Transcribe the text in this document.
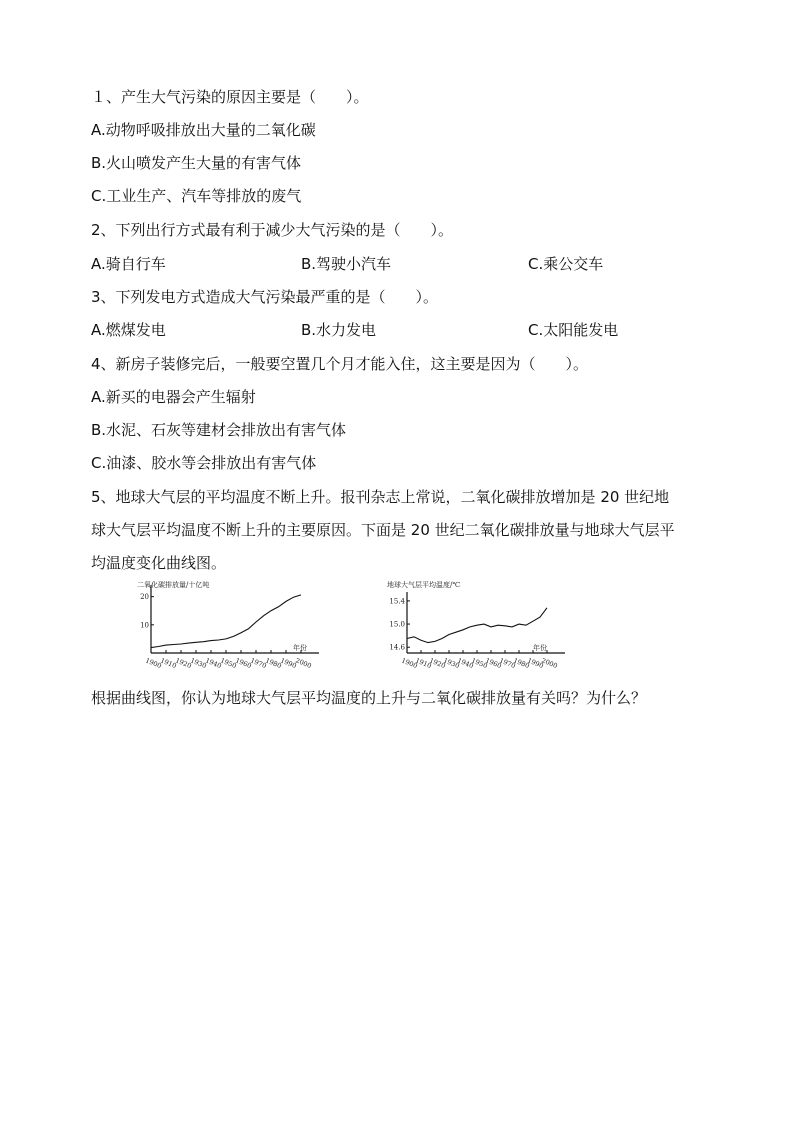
１、产生大气污染的原因主要是（　　）。
A.动物呼吸排放出大量的二氧化碳
B.火山喷发产生大量的有害气体
C.工业生产、汽车等排放的废气
2、下列出行方式最有利于减少大气污染的是（　　）。
A.骑自行车	B.驾驶小汽车	C.乘公交车
3、下列发电方式造成大气污染最严重的是（　　）。
A.燃煤发电	B.水力发电	C.太阳能发电
4、新房子装修完后，一般要空置几个月才能入住，这主要是因为（　　）。
A.新买的电器会产生辐射
B.水泥、石灰等建材会排放出有害气体
C.油漆、胶水等会排放出有害气体
5、地球大气层的平均温度不断上升。报刊杂志上常说，二氧化碳排放增加是 20 世纪地
球大气层平均温度不断上升的主要原因。下面是 20 世纪二氧化碳排放量与地球大气层平
均温度变化曲线图。
二氧化碳排放量/十亿吨
年份
10
20
1900
1910
1920
1930
1940
1950
1960
1970
1980
1990
2000
地球大气层平均温度/℃
年份
14.6
15.0
15.4
1900
1910
1920
1930
1940
1950
1960
1970
1980
1990
2000
根据曲线图，你认为地球大气层平均温度的上升与二氧化碳排放量有关吗？为什么？
